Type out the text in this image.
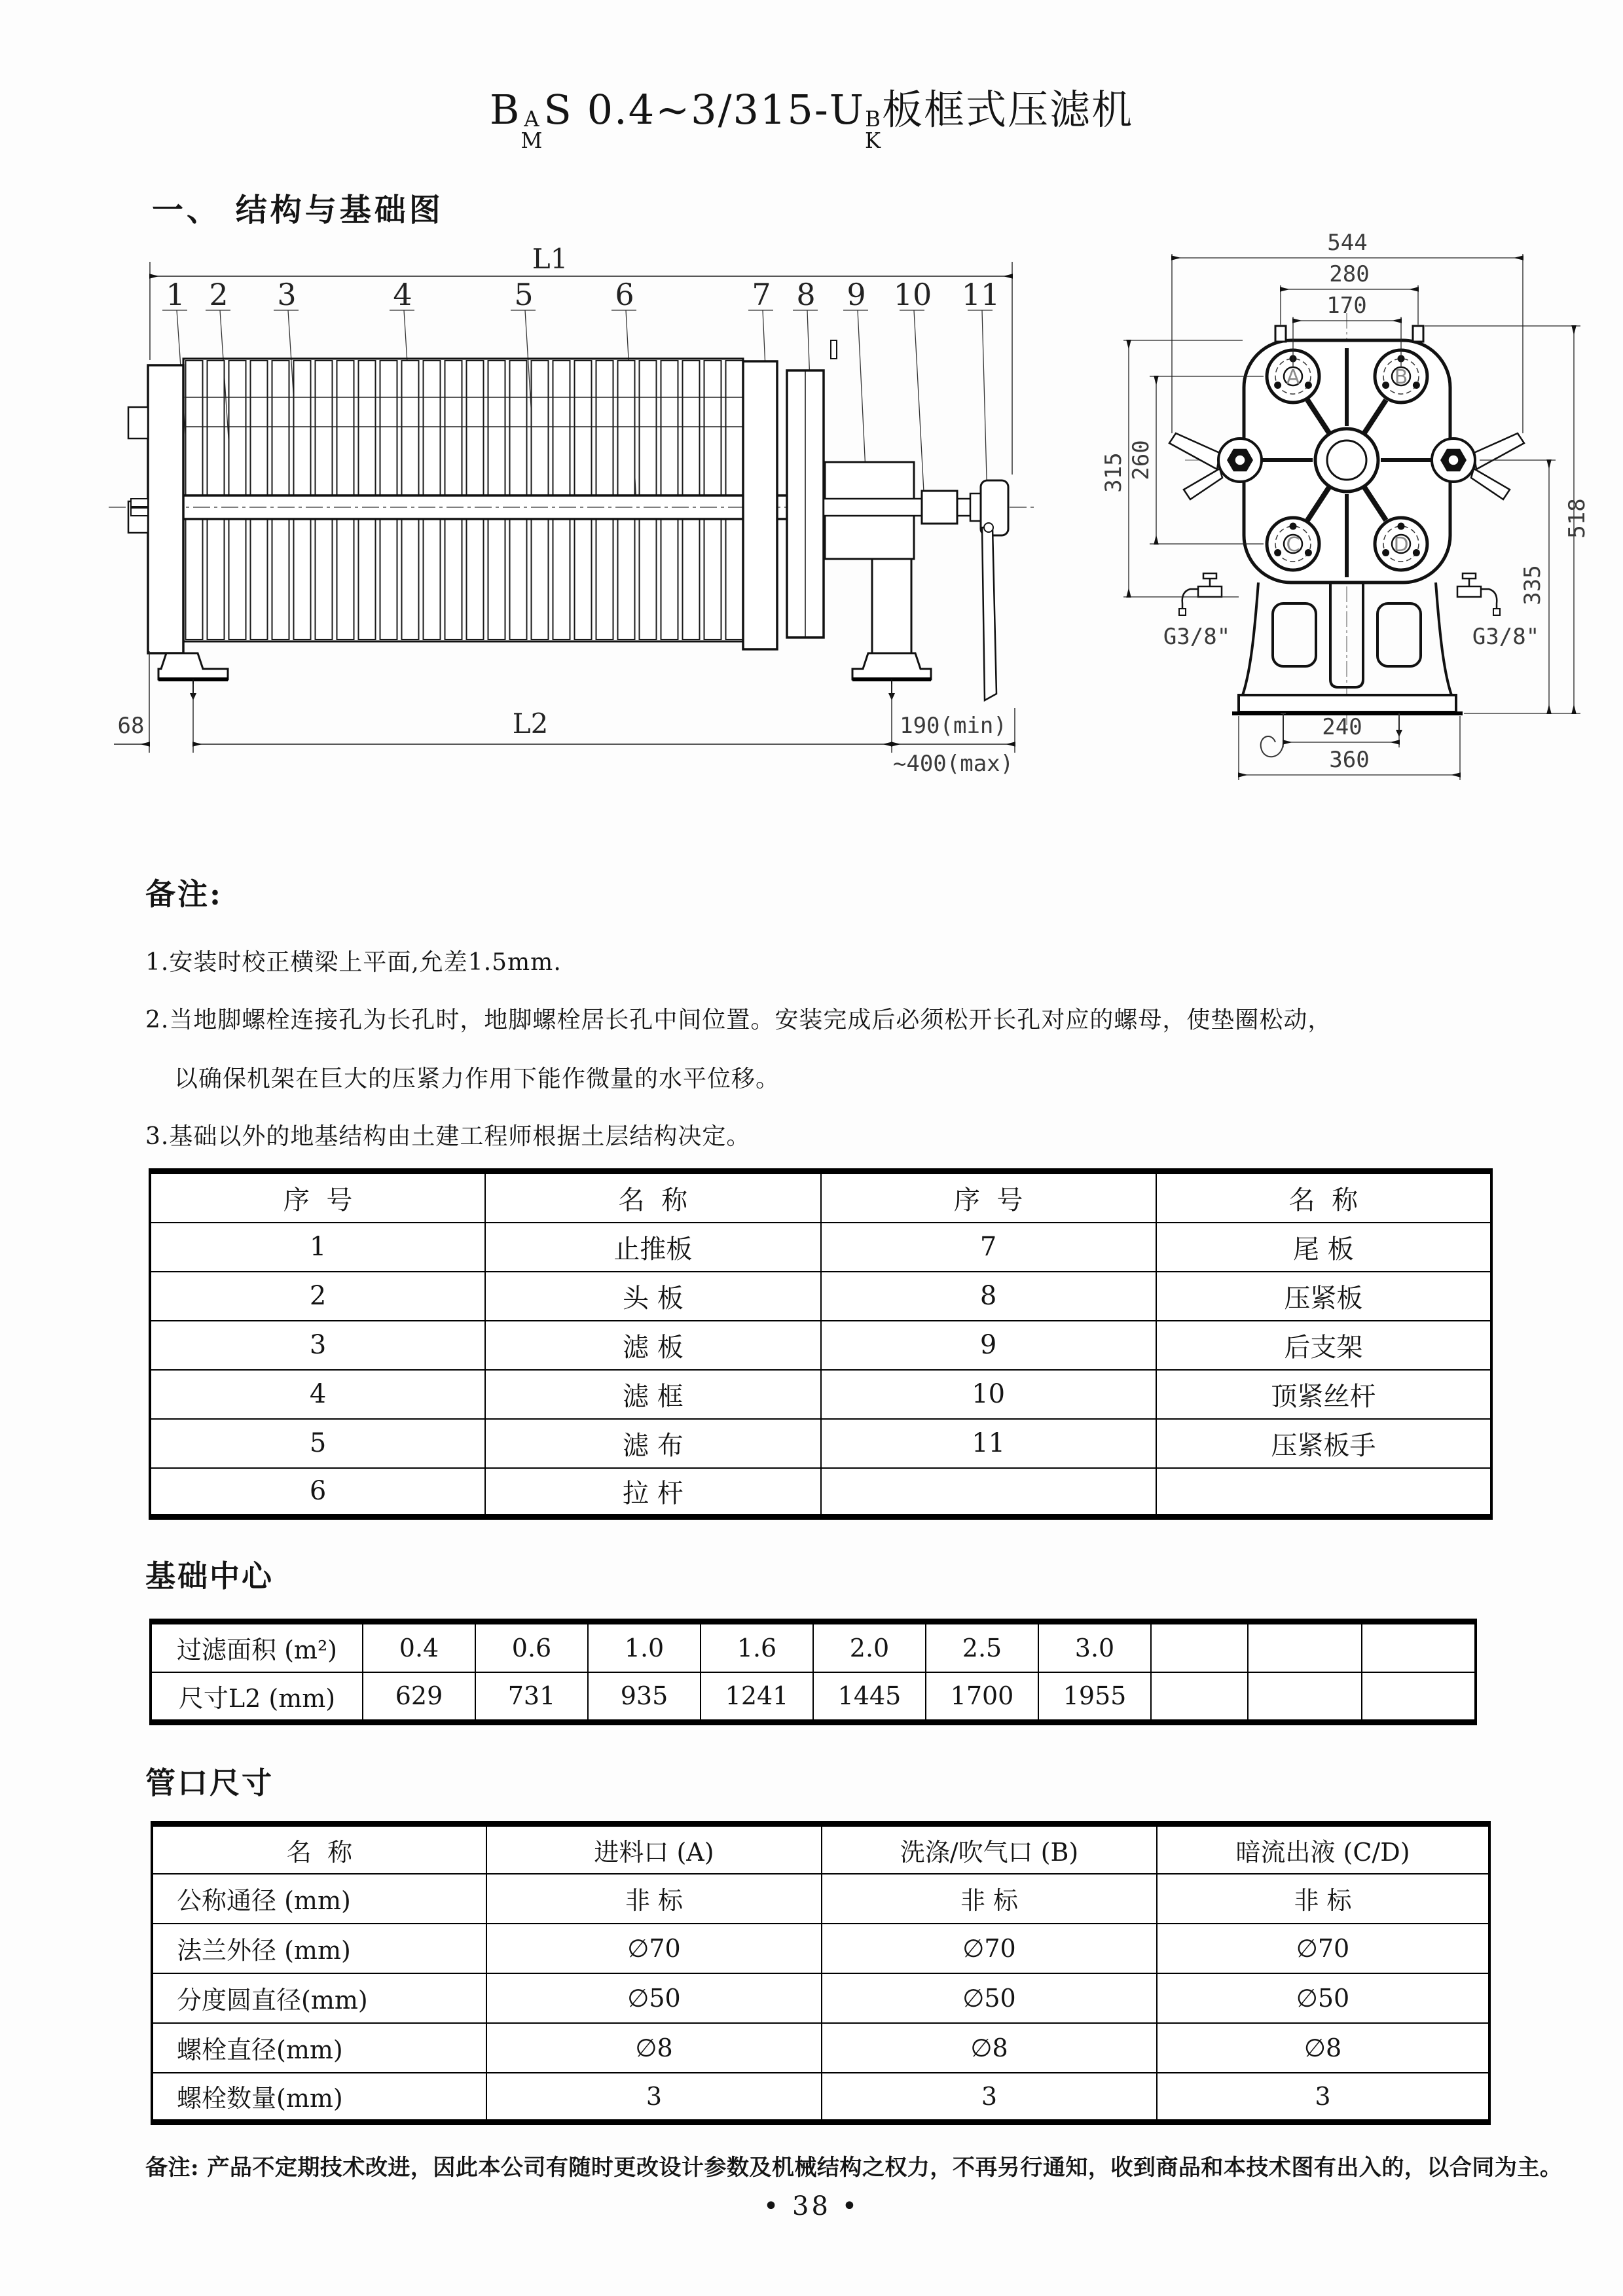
B A
M
S 0.4~3/315-U B
K
板框式压滤机
一、 结构与基础图
L1
1 2 3	4	5	6	7 8 9 10 11
68	L2	190(min)
~400(max)
A	B
C	D
G3/8"	G3/8"
170
280
544
315 260
518
335
240
360
备注:
1.安装时校正横梁上平面,允差1.5mm.
2.当地脚螺栓连接孔为长孔时，地脚螺栓居长孔中间位置。安装完成后必须松开长孔对应的螺母，使垫圈松动，
以确保机架在巨大的压紧力作用下能作微量的水平位移。
3.基础以外的地基结构由土建工程师根据土层结构决定。
序  号	名  称	序  号	名  称
1	止推板	7	尾 板
2	头 板	8	压紧板
3	滤 板	9	后支架
4	滤 框	10	顶紧丝杆
5	滤 布	11	压紧板手
6	拉 杆		
基础中心
过滤面积 (m²)	0.4	0.6	1.0	1.6	2.0	2.5	3.0			
尺寸L2 (mm)	629	731	935	1241	1445	1700	1955			
管口尺寸
名  称	进料口 (A)	洗涤/吹气口 (B)	暗流出液 (C/D)
公称通径 (mm)	非 标	非 标	非 标
法兰外径 (mm)	∅70	∅70	∅70
分度圆直径(mm)	∅50	∅50	∅50
螺栓直径(mm)	∅8	∅8	∅8
螺栓数量(mm)	3	3	3
备注: 产品不定期技术改进，因此本公司有随时更改设计参数及机械结构之权力，不再另行通知，收到商品和本技术图有出入的，以合同为主。
• 38 •
